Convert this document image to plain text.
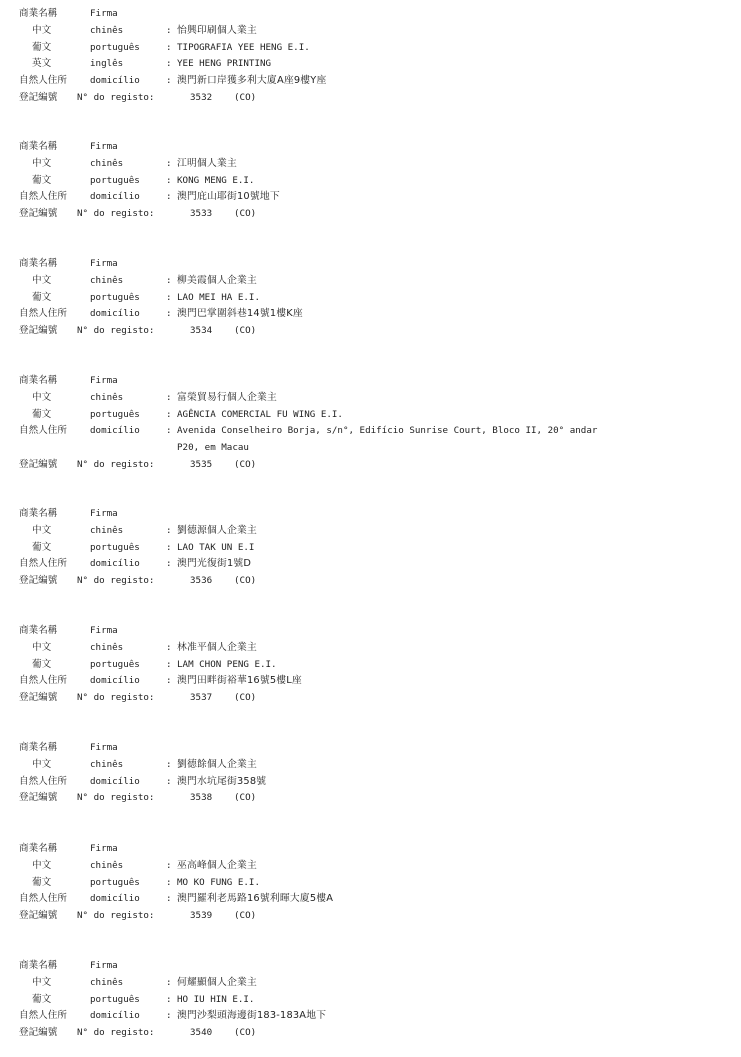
商業名稱	Firma
中文	chinês	: 怡興印刷個人業主
葡文	português	: TIPOGRAFIA YEE HENG E.I.
英文	inglês	: YEE HENG PRINTING
自然人住所	domicílio	: 澳門新口岸獲多利大廈A座9樓Y座
登記編號 N° do registo:	3532 (CO)
商業名稱	Firma
中文	chinês	: 江明個人業主
葡文	português	: KONG MENG E.I.
自然人住所	domicílio	: 澳門庇山耶街10號地下
登記編號 N° do registo:	3533 (CO)
商業名稱	Firma
中文	chinês	: 柳美霞個人企業主
葡文	português	: LAO MEI HA E.I.
自然人住所	domicílio	: 澳門巴掌圍斜巷14號1樓K座
登記編號 N° do registo:	3534 (CO)
商業名稱	Firma
中文	chinês	: 富榮貿易行個人企業主
葡文	português	: AGÊNCIA COMERCIAL FU WING E.I.
自然人住所	domicílio	: Avenida Conselheiro Borja, s/n°, Edifício Sunrise Court, Bloco II, 20° andar
P20, em Macau
登記編號 N° do registo:	3535 (CO)
商業名稱	Firma
中文	chinês	: 劉德源個人企業主
葡文	português	: LAO TAK UN E.I
自然人住所	domicílio	: 澳門光復街1號D
登記編號 N° do registo:	3536 (CO)
商業名稱	Firma
中文	chinês	: 林准平個人企業主
葡文	português	: LAM CHON PENG E.I.
自然人住所	domicílio	: 澳門田畔街裕華16號5樓L座
登記編號 N° do registo:	3537 (CO)
商業名稱	Firma
中文	chinês	: 劉德餘個人企業主
自然人住所	domicílio	: 澳門水坑尾街358號
登記編號 N° do registo:	3538 (CO)
商業名稱	Firma
中文	chinês	: 巫高峰個人企業主
葡文	português	: MO KO FUNG E.I.
自然人住所	domicílio	: 澳門羅利老馬路16號利暉大廈5樓A
登記編號 N° do registo:	3539 (CO)
商業名稱	Firma
中文	chinês	: 何耀顯個人企業主
葡文	português	: HO IU HIN E.I.
自然人住所	domicílio	: 澳門沙梨頭海邊街183-183A地下
登記編號 N° do registo:	3540 (CO)
